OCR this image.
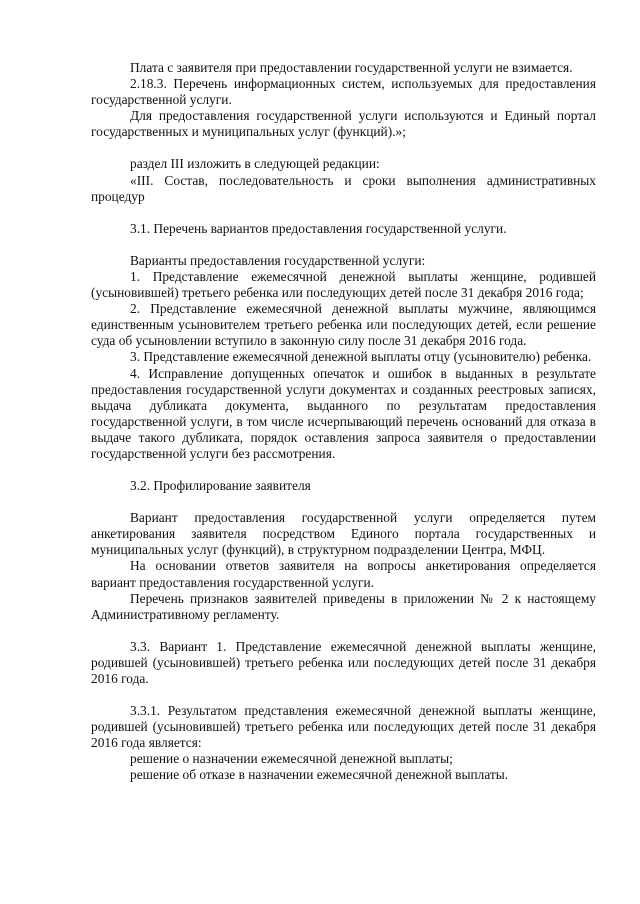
Плата с заявителя при предоставлении государственной услуги не взимается.

2.18.3. Перечень информационных систем, используемых для предоставления государственной услуги.

Для предоставления государственной услуги используются и Единый портал государственных и муниципальных услуг (функций).»;

раздел III изложить в следующей редакции:

«III. Состав, последовательность и сроки выполнения административных процедур

3.1. Перечень вариантов предоставления государственной услуги.

Варианты предоставления государственной услуги:

1. Представление ежемесячной денежной выплаты женщине, родившей (усыновившей) третьего ребенка или последующих детей после 31 декабря 2016 года;

2. Представление ежемесячной денежной выплаты мужчине, являющимся единственным усыновителем третьего ребенка или последующих детей, если решение суда об усыновлении вступило в законную силу после 31 декабря 2016 года.

3. Представление ежемесячной денежной выплаты отцу (усыновителю) ребенка.

4. Исправление допущенных опечаток и ошибок в выданных в результате предоставления государственной услуги документах и созданных реестровых записях, выдача дубликата документа, выданного по результатам предоставления государственной услуги, в том числе исчерпывающий перечень оснований для отказа в выдаче такого дубликата, порядок оставления запроса заявителя о предоставлении государственной услуги без рассмотрения.

3.2. Профилирование заявителя

Вариант предоставления государственной услуги определяется путем анкетирования заявителя посредством Единого портала государственных и муниципальных услуг (функций), в структурном подразделении Центра, МФЦ.

На основании ответов заявителя на вопросы анкетирования определяется вариант предоставления государственной услуги.

Перечень признаков заявителей приведены в приложении № 2 к настоящему Административному регламенту.

3.3. Вариант 1. Представление ежемесячной денежной выплаты женщине, родившей (усыновившей) третьего ребенка или последующих детей после 31 декабря 2016 года.

3.3.1. Результатом представления ежемесячной денежной выплаты женщине, родившей (усыновившей) третьего ребенка или последующих детей после 31 декабря 2016 года является:

решение о назначении ежемесячной денежной выплаты;

решение об отказе в назначении ежемесячной денежной выплаты.
